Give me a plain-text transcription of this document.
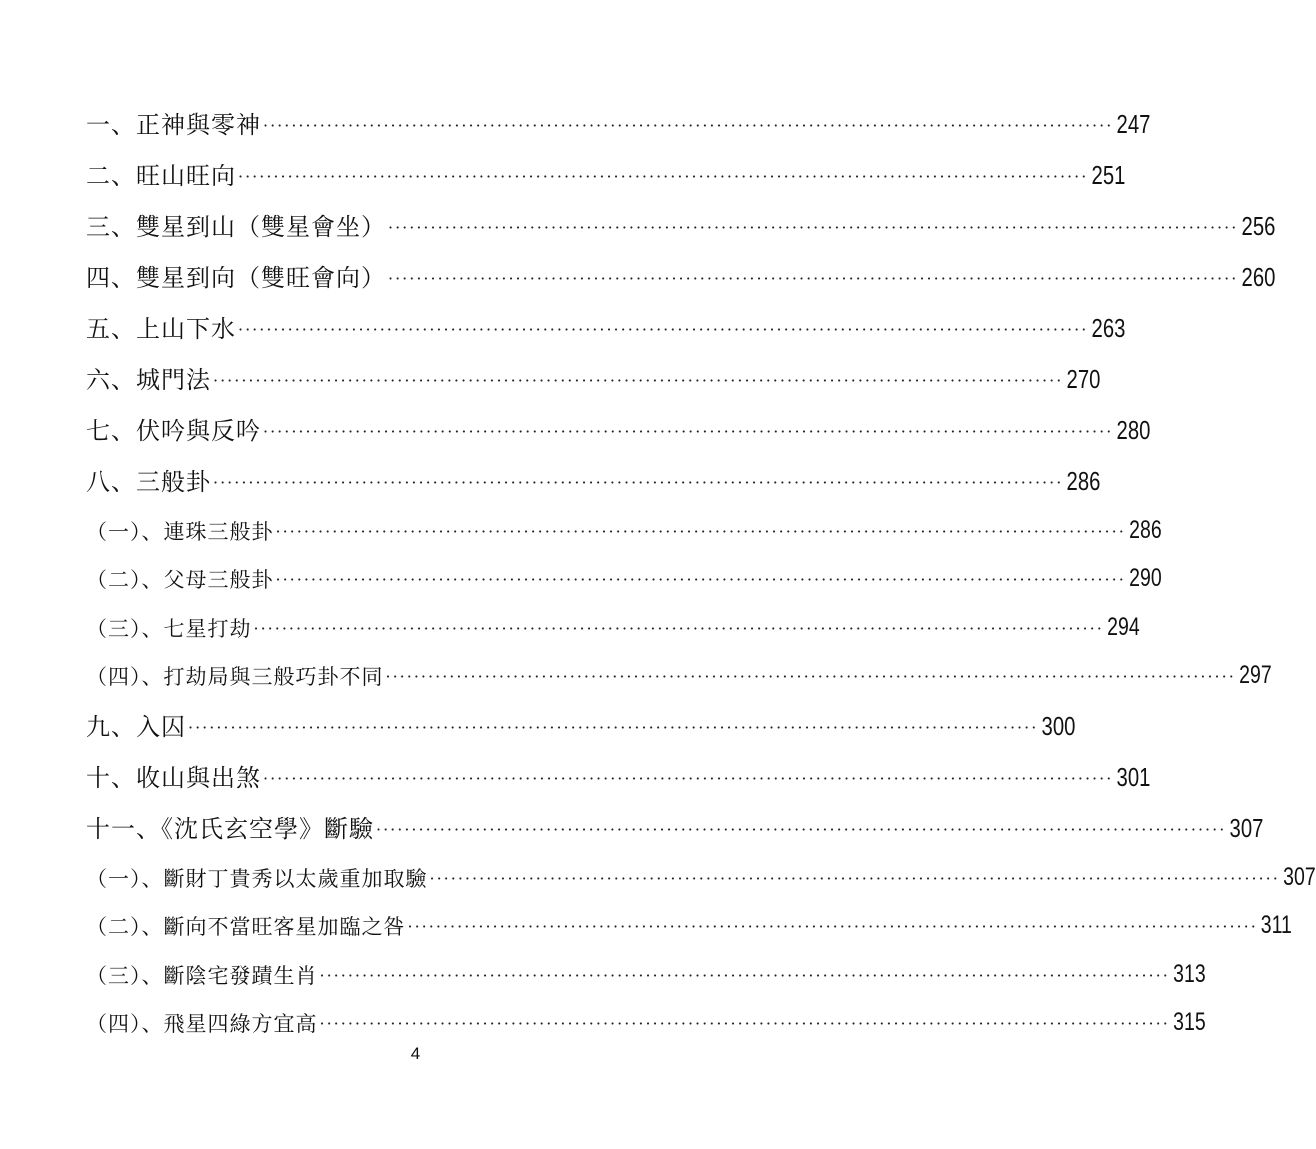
一、正神與零神 ························································································································ 247
二、旺山旺向 ························································································································ 251
三、雙星到山（雙星會坐） ························································································································ 256
四、雙星到向（雙旺會向） ························································································································ 260
五、上山下水 ························································································································ 263
六、城門法 ························································································································ 270
七、伏吟與反吟 ························································································································ 280
八、三般卦 ························································································································ 286
（一）、連珠三般卦 ························································································································ 286
（二）、父母三般卦 ························································································································ 290
（三）、七星打劫 ························································································································ 294
（四）、打劫局與三般巧卦不同 ························································································································ 297
九、入囚 ························································································································ 300
十、收山與出煞 ························································································································ 301
十一、《沈氏玄空學》斷驗 ························································································································ 307
（一）、斷財丁貴秀以太歲重加取驗 ························································································································ 307
（二）、斷向不當旺客星加臨之咎 ························································································································ 311
（三）、斷陰宅發蹟生肖 ························································································································ 313
（四）、飛星四綠方宜高 ························································································································ 315
4
